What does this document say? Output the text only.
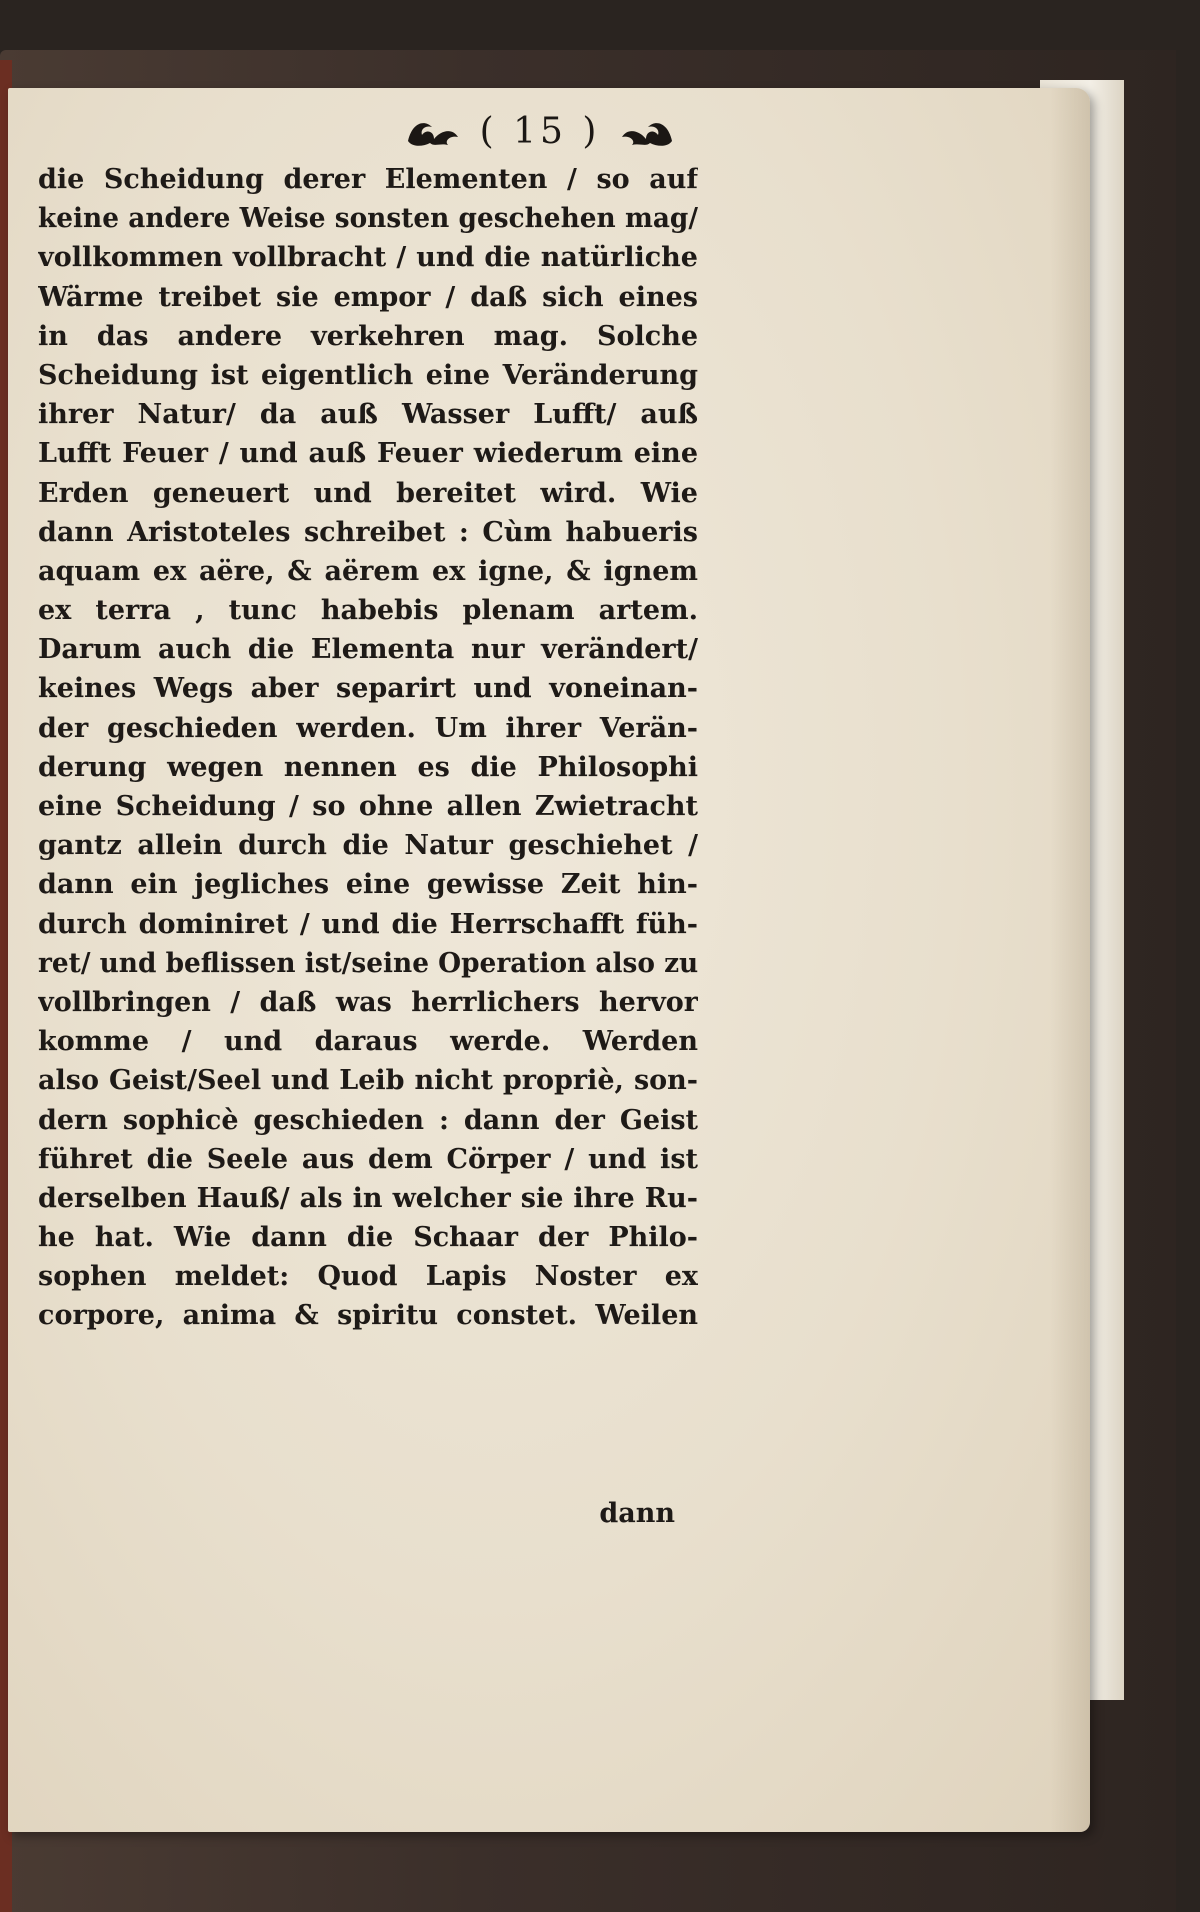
( 15 )
die Scheidung derer Elementen / so auf
keine andere Weise sonsten geschehen mag/
vollkommen vollbracht / und die natürliche
Wärme treibet sie empor / daß sich eines
in das andere verkehren mag. Solche
Scheidung ist eigentlich eine Veränderung
ihrer Natur/ da auß Wasser Lufft/ auß
Lufft Feuer / und auß Feuer wiederum eine
Erden geneuert und bereitet wird. Wie
dann Aristoteles schreibet : Cùm habueris
aquam ex aëre, & aërem ex igne, & ignem
ex terra , tunc habebis plenam artem.
Darum auch die Elementa nur verändert/
keines Wegs aber separirt und voneinan-
der geschieden werden. Um ihrer Verän-
derung wegen nennen es die Philosophi
eine Scheidung / so ohne allen Zwietracht
gantz allein durch die Natur geschiehet /
dann ein jegliches eine gewisse Zeit hin-
durch dominiret / und die Herrschafft füh-
ret/ und beflissen ist/seine Operation also zu
vollbringen / daß was herrlichers hervor
komme / und daraus werde. Werden
also Geist/Seel und Leib nicht propriè, son-
dern sophicè geschieden : dann der Geist
führet die Seele aus dem Cörper / und ist
derselben Hauß/ als in welcher sie ihre Ru-
he hat. Wie dann die Schaar der Philo-
sophen meldet: Quod Lapis Noster ex
corpore, anima & spiritu constet. Weilen
dann
